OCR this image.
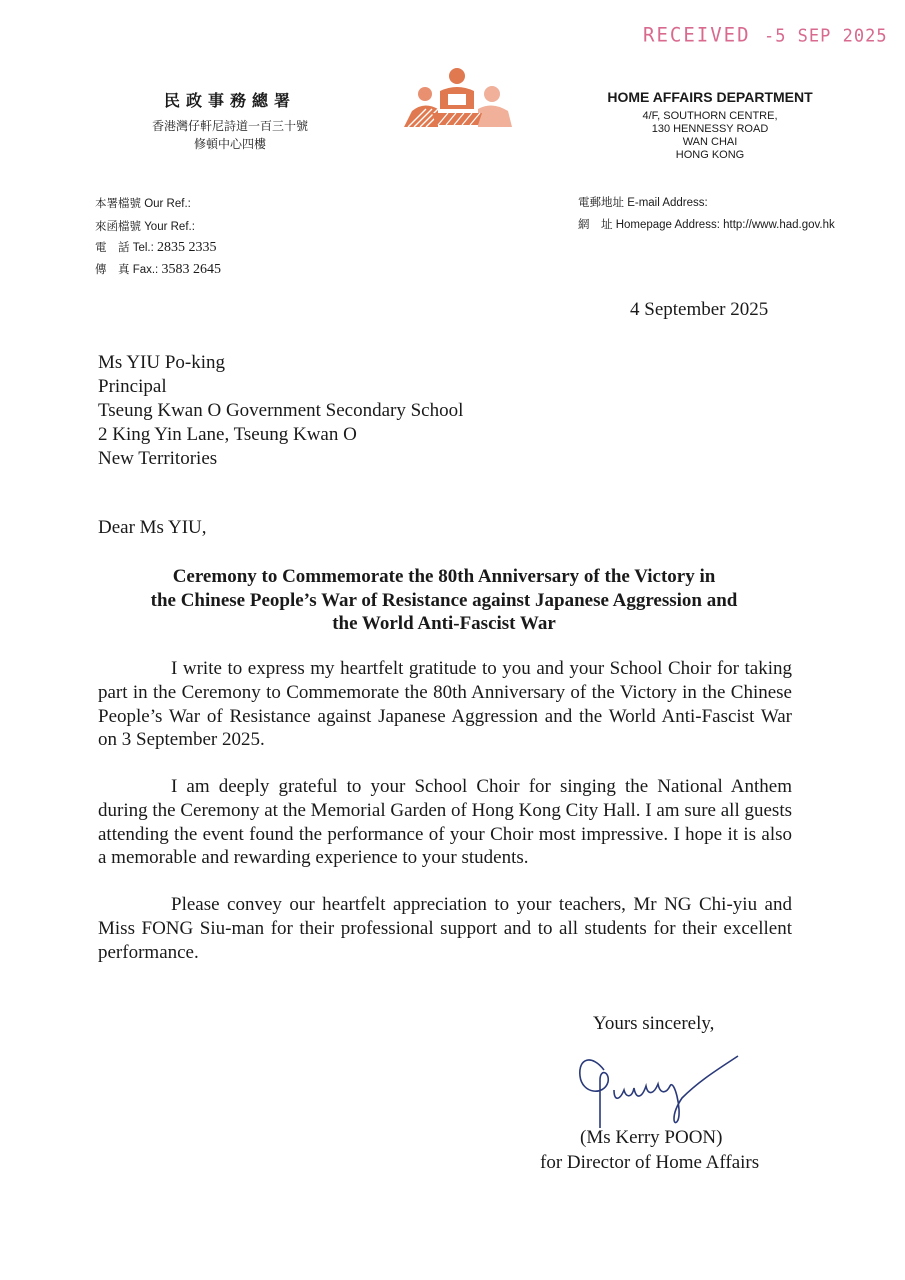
RECEIVED -5 SEP 2025
民政事務總署
香港灣仔軒尼詩道一百三十號
修頓中心四樓
HOME AFFAIRS DEPARTMENT
4/F, SOUTHORN CENTRE,
130 HENNESSY ROAD
WAN CHAI
HONG KONG
本署檔號 Our Ref.:
來函檔號 Your Ref.:
電　話 Tel.: 2835 2335
傳　真 Fax.: 3583 2645
電郵地址 E-mail Address:
網　址 Homepage Address: http://www.had.gov.hk
4 September 2025
Ms YIU Po-king
Principal
Tseung Kwan O Government Secondary School
2 King Yin Lane, Tseung Kwan O
New Territories
Dear Ms YIU,
Ceremony to Commemorate the 80th Anniversary of the Victory in
the Chinese People’s War of Resistance against Japanese Aggression and
the World Anti-Fascist War
I write to express my heartfelt gratitude to you and your School Choir for taking part in the Ceremony to Commemorate the 80th Anniversary of the Victory in the Chinese People’s War of Resistance against Japanese Aggression and the World Anti-Fascist War on 3 September 2025.
I am deeply grateful to your School Choir for singing the National Anthem during the Ceremony at the Memorial Garden of Hong Kong City Hall. I am sure all guests attending the event found the performance of your Choir most impressive. I hope it is also a memorable and rewarding experience to your students.
Please convey our heartfelt appreciation to your teachers, Mr NG Chi-yiu and Miss FONG Siu-man for their professional support and to all students for their excellent performance.
Yours sincerely,
(Ms Kerry POON)
for Director of Home Affairs
